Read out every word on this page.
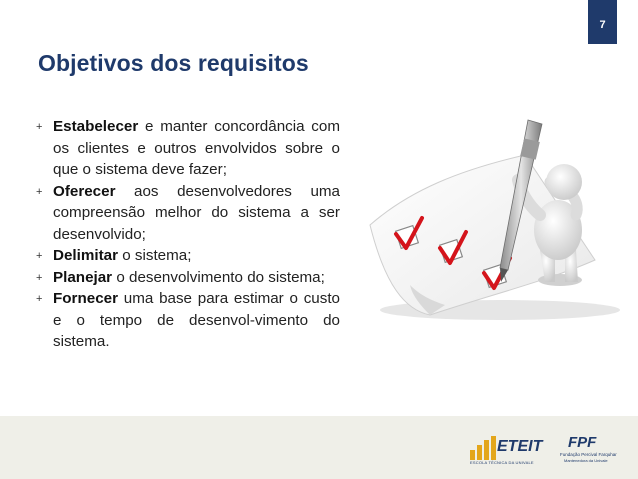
7
Objetivos dos requisitos
+ Estabelecer e manter concordância com os clientes e outros envolvidos sobre o que o sistema deve fazer;
+ Oferecer aos desenvolvedores uma compreensão melhor do sistema a ser desenvolvido;
+ Delimitar o sistema;
+ Planejar o desenvolvimento do sistema;
+ Fornecer uma base para estimar o custo e o tempo de desenvol-vimento do sistema.
ETEIT
ESCOLA TÉCNICA DA UNIVALE
FPF
Fundação Percival Farquhar
Mantenedora da Univale
